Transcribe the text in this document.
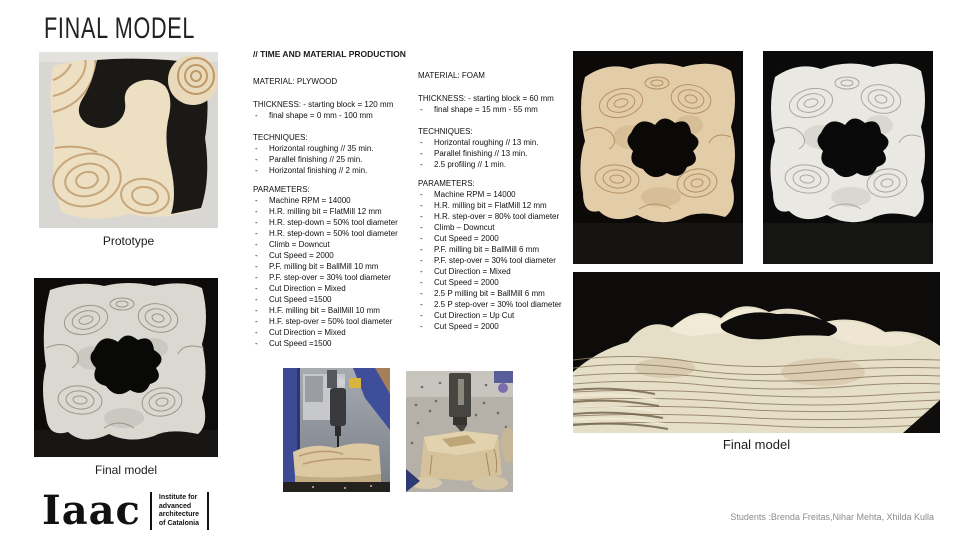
FINAL MODEL
Prototype
Final model
Iaac	Institute for
advanced
architecture
of Catalonia
// TIME AND MATERIAL PRODUCTION
MATERIAL: PLYWOOD
THICKNESS: - starting block = 120 mm
- final shape = 0 mm - 100 mm
TECHNIQUES:
- Horizontal roughing // 35 min.
- Parallel finishing // 25 min.
- Horizontal finishing // 2 min.
PARAMETERS:
- Machine RPM = 14000
- H.R. milling bit = FlatMill 12 mm
- H.R. step-down = 50% tool diameter
- H.R. step-down = 50% tool diameter
- Climb = Downcut
- Cut Speed = 2000
- P.F. milling bit = BallMill 10 mm
- P.F. step-over = 30% tool diameter
- Cut Direction = Mixed
- Cut Speed =1500
- H.F. milling bit = BallMill 10 mm
- H.F. step-over = 50% tool diameter
- Cut Direction = Mixed
- Cut Speed =1500
MATERIAL: FOAM
THICKNESS: - starting block = 60 mm
- final shape = 15 mm - 55 mm
TECHNIQUES:
- Horizontal roughing // 13 min.
- Parallel finishing // 13 min.
- 2.5 profiling // 1 min.
PARAMETERS:
- Machine RPM = 14000
- H.R. milling bit = FlatMill 12 mm
- H.R. step-over = 80% tool diameter
- Climb – Downcut
- Cut Speed = 2000
- P.F. milling bit = BallMill 6 mm
- P.F. step-over = 30% tool diameter
- Cut Direction = Mixed
- Cut Speed = 2000
- 2.5 P milling bit = BallMill 6 mm
- 2.5 P step-over = 30% tool diameter
- Cut Direction = Up Cut
- Cut Speed = 2000
Final model
Students :Brenda Freitas,Nihar Mehta, Xhilda Kulla
